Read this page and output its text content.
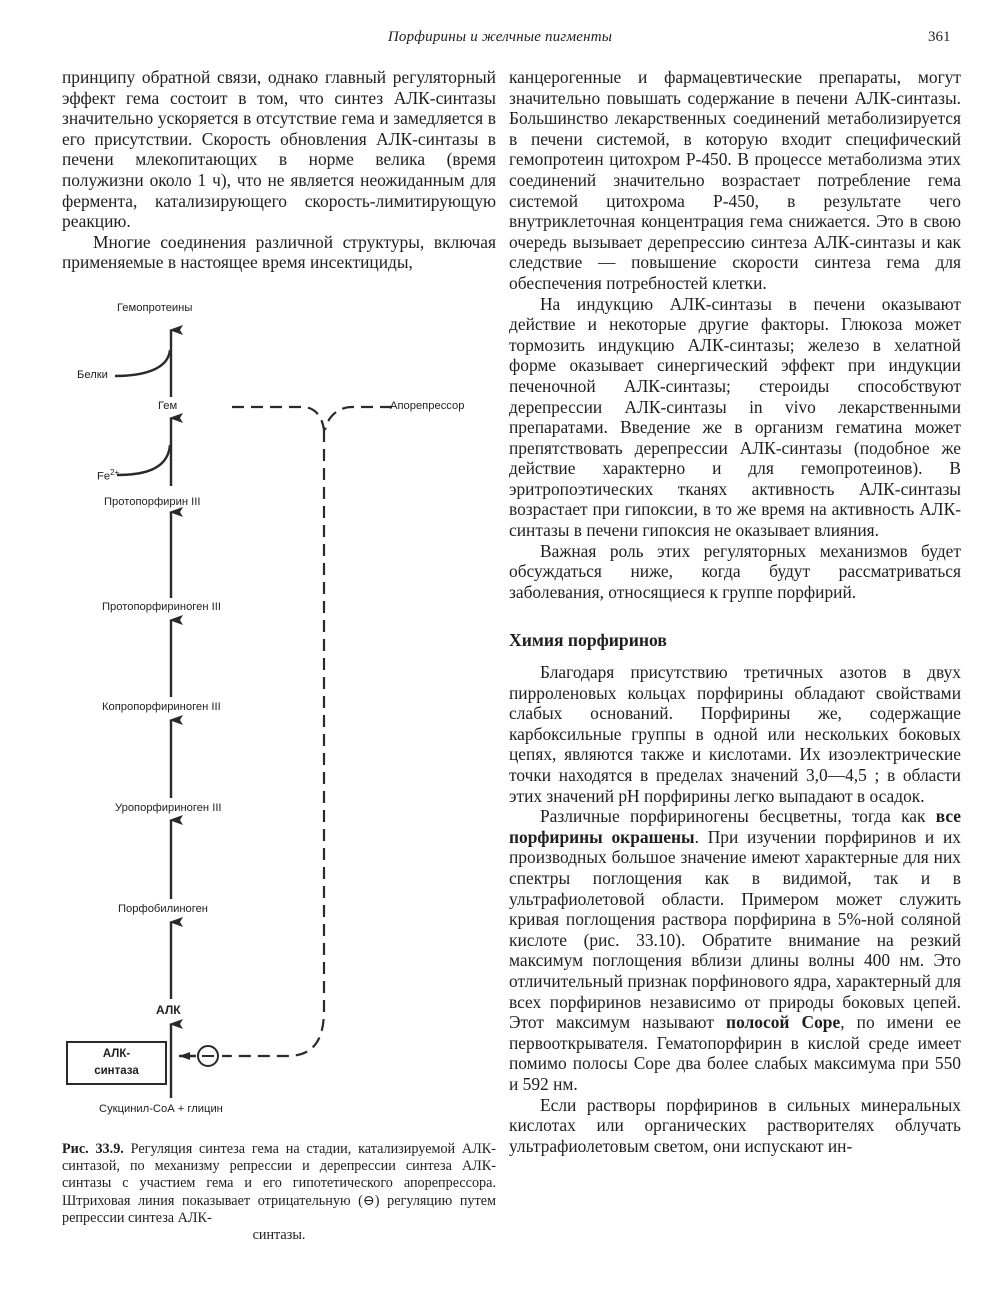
Порфирины и желчные пигменты	361

принципу обратной связи, однако главный регуляторный эффект гема состоит в том, что синтез АЛК-синтазы значительно ускоряется в отсутствие гема и замедляется в его присутствии. Скорость обновления АЛК-синтазы в печени млекопитающих в норме велика (время полужизни около 1 ч), что не является неожиданным для фермента, катализирующего скорость-лимитирующую реакцию.

Многие соединения различной структуры, включая применяемые в настоящее время инсектициды,

Гемопротеины
Белки
Гем	Апорепрессор
$Fe^{2+}$
Протопорфирин III
Протопорфириноген III
Копропорфириноген III
Уропорфириноген III
Порфобилиноген
АЛК
АЛК-
синтаза
Сукцинил-СоА + глицин
Рис. 33.9. Регуляция синтеза гема на стадии, катализируемой АЛК-синтазой, по механизму репрессии и дерепрессии синтеза АЛК-синтазы с участием гема и его гипотетического апорепрессора. Штриховая линия показывает отрицательную (⊖) регуляцию путем репрессии синтеза АЛК-
синтазы.

канцерогенные и фармацевтические препараты, могут значительно повышать содержание в печени АЛК-синтазы. Большинство лекарственных соединений метаболизируется в печени системой, в которую входит специфический гемопротеин цитохром Р-450. В процессе метаболизма этих соединений значительно возрастает потребление гема системой цитохрома Р-450, в результате чего внутриклеточная концентрация гема снижается. Это в свою очередь вызывает дерепрессию синтеза АЛК-синтазы и как следствие — повышение скорости синтеза гема для обеспечения потребностей клетки.

На индукцию АЛК-синтазы в печени оказывают действие и некоторые другие факторы. Глюкоза может тормозить индукцию АЛК-синтазы; железо в хелатной форме оказывает синергический эффект при индукции печеночной АЛК-синтазы; стероиды способствуют дерепрессии АЛК-синтазы in vivo лекарственными препаратами. Введение же в организм гематина может препятствовать дерепрессии АЛК-синтазы (подобное же действие характерно и для гемопротеинов). В эритропоэтических тканях активность АЛК-синтазы возрастает при гипоксии, в то же время на активность АЛК-синтазы в печени гипоксия не оказывает влияния.

Важная роль этих регуляторных механизмов будет обсуждаться ниже, когда будут рассматриваться заболевания, относящиеся к группе порфирий.

Химия порфиринов

Благодаря присутствию третичных азотов в двух пирроленовых кольцах порфирины обладают свойствами слабых оснований. Порфирины же, содержащие карбоксильные группы в одной или нескольких боковых цепях, являются также и кислотами. Их изоэлектрические точки находятся в пределах значений 3,0—4,5 ; в области этих значений pH порфирины легко выпадают в осадок.

Различные порфириногены бесцветны, тогда как все порфирины окрашены. При изучении порфиринов и их производных большое значение имеют характерные для них спектры поглощения как в видимой, так и в ультрафиолетовой области. Примером может служить кривая поглощения раствора порфирина в 5%-ной соляной кислоте (рис. 33.10). Обратите внимание на резкий максимум поглощения вблизи длины волны 400 нм. Это отличительный признак порфинового ядра, характерный для всех порфиринов независимо от природы боковых цепей. Этот максимум называют полосой Соре, по имени ее первооткрывателя. Гематопорфирин в кислой среде имеет помимо полосы Соре два более слабых максимума при 550 и 592 нм.

Если растворы порфиринов в сильных минеральных кислотах или органических растворителях облучать ультрафиолетовым светом, они испускают ин-
